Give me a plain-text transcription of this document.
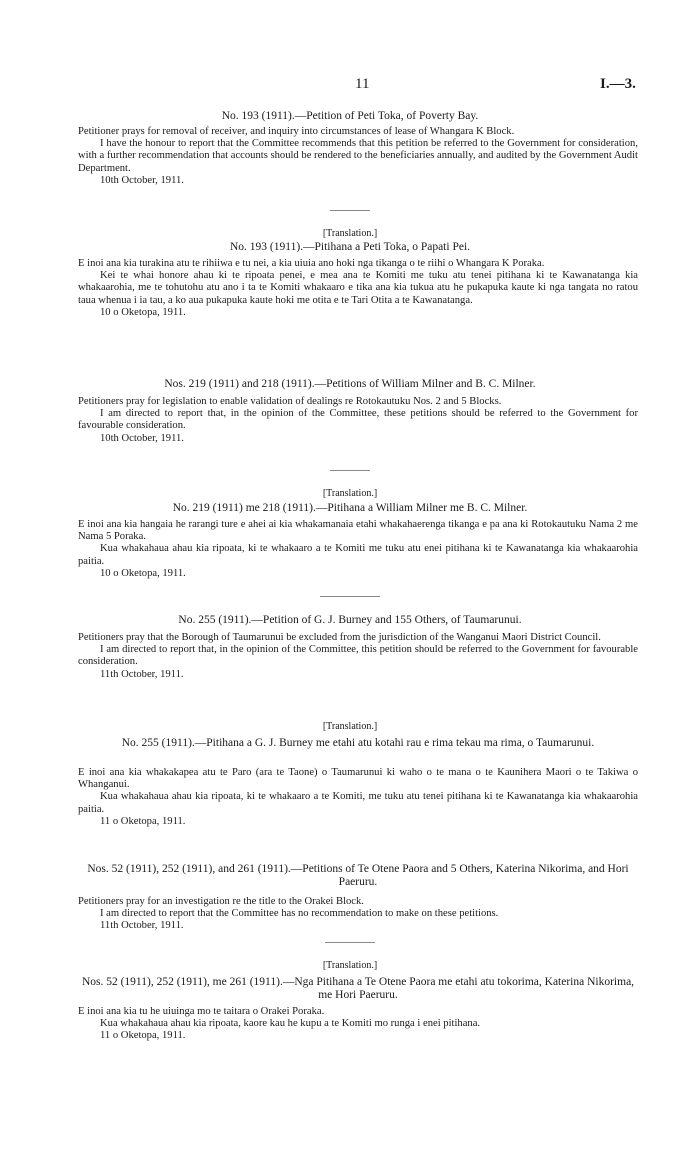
11	I.—3.
No. 193 (1911).—Petition of Peti Toka, of Poverty Bay.

Petitioner prays for removal of receiver, and inquiry into circumstances of lease of Whangara K Block.

I have the honour to report that the Committee recommends that this petition be referred to the Government for consideration, with a further recommendation that accounts should be rendered to the beneficiaries annually, and audited by the Government Audit Department.

10th October, 1911.

[Translation.]
No. 193 (1911).—Pitihana a Peti Toka, o Papati Pei.

E inoi ana kia turakina atu te rihiiwa e tu nei, a kia uiuia ano hoki nga tikanga o te riihi o Whangara K Poraka.

Kei te whai honore ahau ki te ripoata penei, e mea ana te Komiti me tuku atu tenei pitihana ki te Kawanatanga kia whakaarohia, me te tohutohu atu ano i ta te Komiti whakaaro e tika ana kia tukua atu he pukapuka kaute ki nga tangata no ratou taua whenua i ia tau, a ko aua pukapuka kaute hoki me otita e te Tari Otita a te Kawanatanga.

10 o Oketopa, 1911.

Nos. 219 (1911) and 218 (1911).—Petitions of William Milner and B. C. Milner.

Petitioners pray for legislation to enable validation of dealings re Rotokautuku Nos. 2 and 5 Blocks.

I am directed to report that, in the opinion of the Committee, these petitions should be referred to the Government for favourable consideration.

10th October, 1911.

[Translation.]
No. 219 (1911) me 218 (1911).—Pitihana a William Milner me B. C. Milner.

E inoi ana kia hangaia he rarangi ture e ahei ai kia whakamanaia etahi whakahaerenga tikanga e pa ana ki Rotokautuku Nama 2 me Nama 5 Poraka.

Kua whakahaua ahau kia ripoata, ki te whakaaro a te Komiti me tuku atu enei pitihana ki te Kawanatanga kia whakaarohia paitia.

10 o Oketopa, 1911.

No. 255 (1911).—Petition of G. J. Burney and 155 Others, of Taumarunui.

Petitioners pray that the Borough of Taumarunui be excluded from the jurisdiction of the Wanganui Maori District Council.

I am directed to report that, in the opinion of the Committee, this petition should be referred to the Government for favourable consideration.

11th October, 1911.

[Translation.]
No. 255 (1911).—Pitihana a G. J. Burney me etahi atu kotahi rau e rima tekau ma rima, o Taumarunui.

E inoi ana kia whakakapea atu te Paro (ara te Taone) o Taumarunui ki waho o te mana o te Kaunihera Maori o te Takiwa o Whanganui.

Kua whakahaua ahau kia ripoata, ki te whakaaro a te Komiti, me tuku atu tenei pitihana ki te Kawanatanga kia whakaarohia paitia.

11 o Oketopa, 1911.

Nos. 52 (1911), 252 (1911), and 261 (1911).—Petitions of Te Otene Paora and 5 Others, Katerina Nikorima, and Hori Paeruru.

Petitioners pray for an investigation re the title to the Orakei Block.

I am directed to report that the Committee has no recommendation to make on these petitions.

11th October, 1911.

[Translation.]
Nos. 52 (1911), 252 (1911), me 261 (1911).—Nga Pitihana a Te Otene Paora me etahi atu tokorima, Katerina Nikorima, me Hori Paeruru.

E inoi ana kia tu he uiuinga mo te taitara o Orakei Poraka.

Kua whakahaua ahau kia ripoata, kaore kau he kupu a te Komiti mo runga i enei pitihana.

11 o Oketopa, 1911.
